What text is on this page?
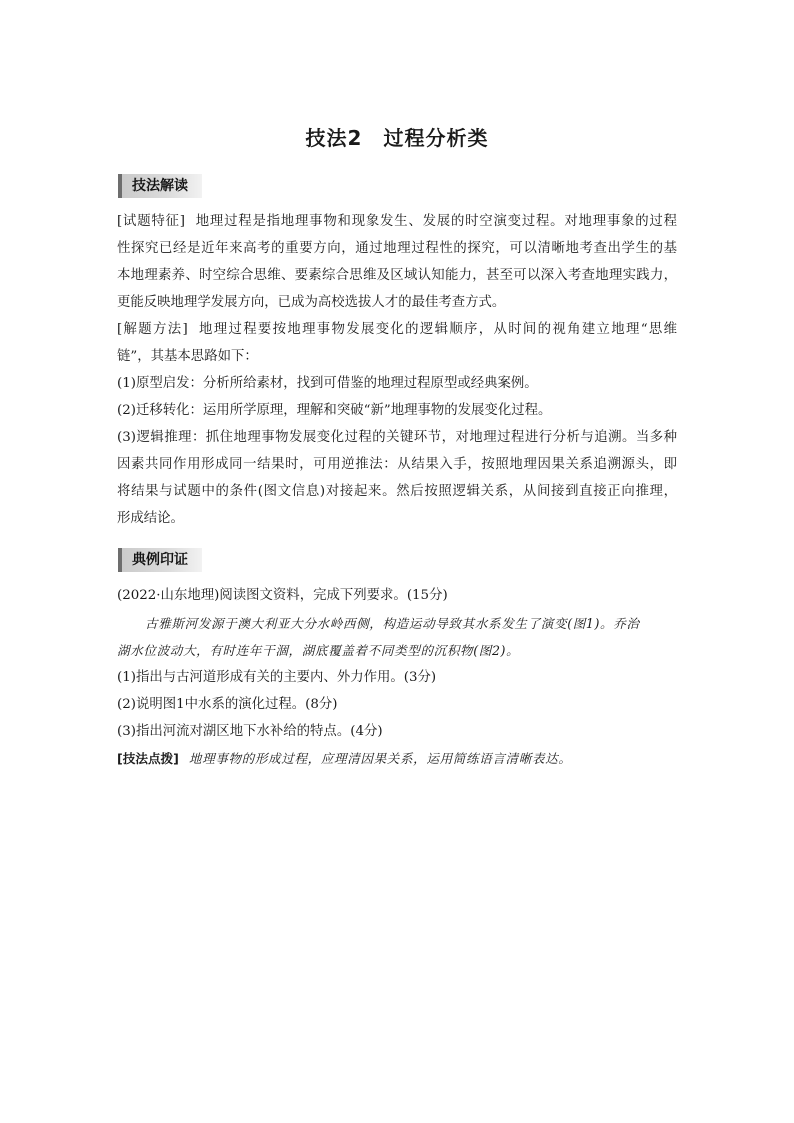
技法2　过程分析类
技法解读
[试题特征] 地理过程是指地理事物和现象发生、发展的时空演变过程。对地理事象的过程
性探究已经是近年来高考的重要方向，通过地理过程性的探究，可以清晰地考查出学生的基
本地理素养、时空综合思维、要素综合思维及区域认知能力，甚至可以深入考查地理实践力，
更能反映地理学发展方向，已成为高校选拔人才的最佳考查方式。
[解题方法] 地理过程要按地理事物发展变化的逻辑顺序，从时间的视角建立地理“思维
链”，其基本思路如下：
(1)原型启发：分析所给素材，找到可借鉴的地理过程原型或经典案例。
(2)迁移转化：运用所学原理，理解和突破“新”地理事物的发展变化过程。
(3)逻辑推理：抓住地理事物发展变化过程的关键环节，对地理过程进行分析与追溯。当多种
因素共同作用形成同一结果时，可用逆推法：从结果入手，按照地理因果关系追溯源头，即
将结果与试题中的条件(图文信息)对接起来。然后按照逻辑关系，从间接到直接正向推理，
形成结论。
典例印证
(2022·山东地理)阅读图文资料，完成下列要求。(15分)
古雅斯河发源于澳大利亚大分水岭西侧，构造运动导致其水系发生了演变(图1)。乔治
湖水位波动大，有时连年干涸，湖底覆盖着不同类型的沉积物(图2)。
(1)指出与古河道形成有关的主要内、外力作用。(3分)
(2)说明图1中水系的演化过程。(8分)
(3)指出河流对湖区地下水补给的特点。(4分)
[技法点拨] 地理事物的形成过程，应理清因果关系，运用简练语言清晰表达。
